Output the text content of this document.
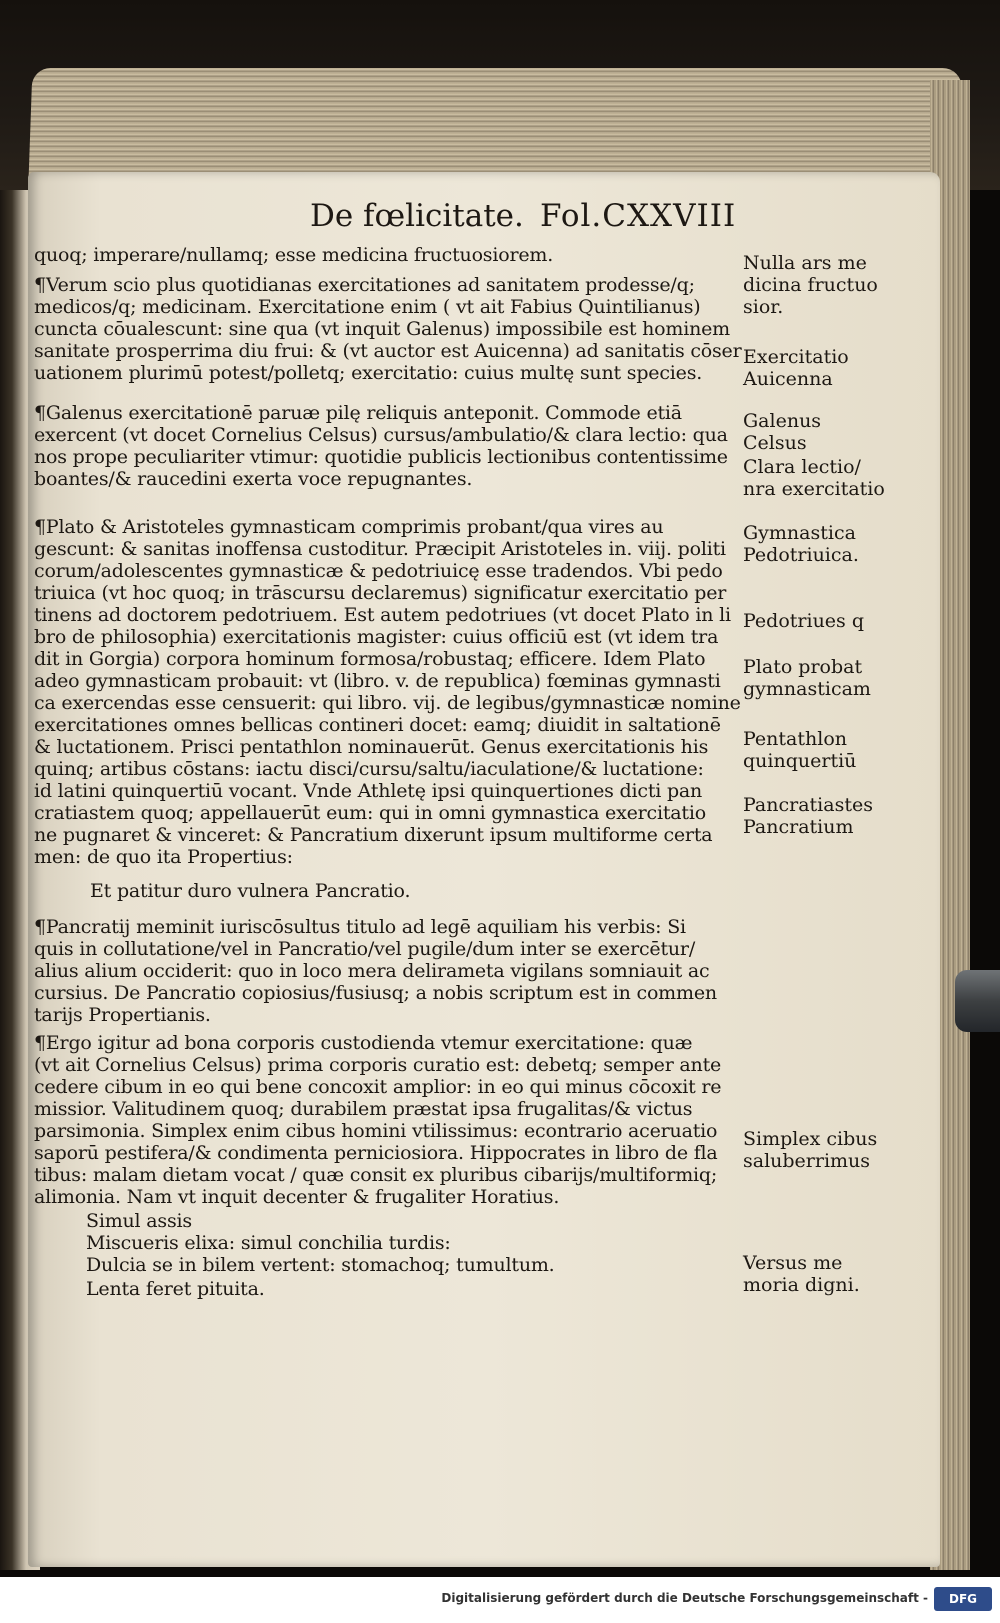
De fœlicitate. Fol.CXXVIII
quoq; imperare/nullamq; esse medicina fructuosiorem.
¶Verum scio plus quotidianas exercitationes ad sanitatem prodesse/q;
medicos/q; medicinam. Exercitatione enim ( vt ait Fabius Quintilianus)
cuncta cōualescunt: sine qua (vt inquit Galenus) impossibile est hominem
sanitate prosperrima diu frui: & (vt auctor est Auicenna) ad sanitatis cōser
uationem plurimū potest/polletq; exercitatio: cuius multę sunt species.
¶Galenus exercitationē paruæ pilę reliquis anteponit. Commode etiā
exercent (vt docet Cornelius Celsus) cursus/ambulatio/& clara lectio: qua
nos prope peculiariter vtimur: quotidie publicis lectionibus contentissime
boantes/& raucedini exerta voce repugnantes.
¶Plato & Aristoteles gymnasticam comprimis probant/qua vires au
gescunt: & sanitas inoffensa custoditur. Præcipit Aristoteles in. viij. politi
corum/adolescentes gymnasticæ & pedotriuicę esse tradendos. Vbi pedo
triuica (vt hoc quoq; in trāscursu declaremus) significatur exercitatio per
tinens ad doctorem pedotriuem. Est autem pedotriues (vt docet Plato in li
bro de philosophia) exercitationis magister: cuius officiū est (vt idem tra
dit in Gorgia) corpora hominum formosa/robustaq; efficere. Idem Plato
adeo gymnasticam probauit: vt (libro. v. de republica) fœminas gymnasti
ca exercendas esse censuerit: qui libro. vij. de legibus/gymnasticæ nomine
exercitationes omnes bellicas contineri docet: eamq; diuidit in saltationē
& luctationem. Prisci pentathlon nominauerūt. Genus exercitationis his
quinq; artibus cōstans: iactu disci/cursu/saltu/iaculatione/& luctatione:
id latini quinquertiū vocant. Vnde Athletę ipsi quinquertiones dicti pan
cratiastem quoq; appellauerūt eum: qui in omni gymnastica exercitatio
ne pugnaret & vinceret: & Pancratium dixerunt ipsum multiforme certa
men: de quo ita Propertius:
Et patitur duro vulnera Pancratio.
¶Pancratij meminit iuriscōsultus titulo ad legē aquiliam his verbis: Si
quis in collutatione/vel in Pancratio/vel pugile/dum inter se exercētur/
alius alium occiderit: quo in loco mera delirameta vigilans somniauit ac
cursius. De Pancratio copiosius/fusiusq; a nobis scriptum est in commen
tarijs Propertianis.
¶Ergo igitur ad bona corporis custodienda vtemur exercitatione: quæ
(vt ait Cornelius Celsus) prima corporis curatio est: debetq; semper ante
cedere cibum in eo qui bene concoxit amplior: in eo qui minus cōcoxit re
missior. Valitudinem quoq; durabilem præstat ipsa frugalitas/& victus
parsimonia. Simplex enim cibus homini vtilissimus: econtrario aceruatio
saporū pestifera/& condimenta perniciosiora. Hippocrates in libro de fla
tibus: malam dietam vocat / quæ consit ex pluribus cibarijs/multiformiq;
alimonia. Nam vt inquit decenter & frugaliter Horatius.
Simul assis
Miscueris elixa: simul conchilia turdis:
Dulcia se in bilem vertent: stomachoq; tumultum.
Lenta feret pituita.
Nulla ars me
dicina fructuo
sior.
Exercitatio
Auicenna
Galenus
Celsus
Clara lectio/
nra exercitatio
Gymnastica
Pedotriuica.
Pedotriues q
Plato probat
gymnasticam
Pentathlon
quinquertiū
Pancratiastes
Pancratium
Simplex cibus
saluberrimus
Versus me
moria digni.
Digitalisierung gefördert durch die Deutsche Forschungsgemeinschaft -	DFG
